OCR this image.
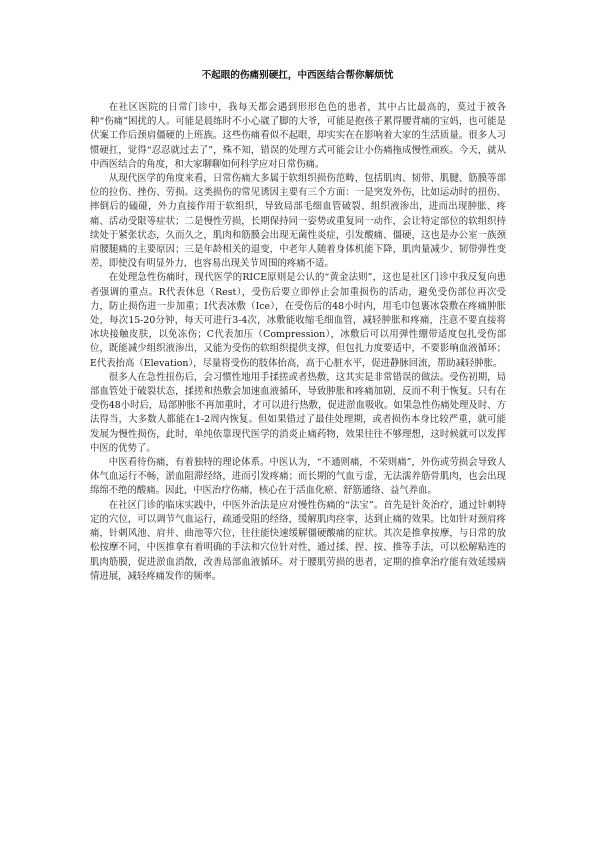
不起眼的伤痛别硬扛，中西医结合帮你解烦忧

在社区医院的日常门诊中，我每天都会遇到形形色色的患者，其中占比最高的，莫过于被各种“伤痛”困扰的人。可能是晨练时不小心崴了脚的大爷，可能是抱孩子累得腰背痛的宝妈，也可能是伏案工作后颈肩僵硬的上班族。这些伤痛看似不起眼，却实实在在影响着大家的生活质量。很多人习惯硬扛，觉得“忍忍就过去了”，殊不知，错误的处理方式可能会让小伤痛拖成慢性顽疾。今天，就从中西医结合的角度，和大家聊聊如何科学应对日常伤痛。

从现代医学的角度来看，日常伤痛大多属于软组织损伤范畴，包括肌肉、韧带、肌腱、筋膜等部位的拉伤、挫伤、劳损。这类损伤的常见诱因主要有三个方面：一是突发外伤，比如运动时的扭伤、摔倒后的磕碰，外力直接作用于软组织，导致局部毛细血管破裂、组织液渗出，进而出现肿胀、疼痛、活动受限等症状；二是慢性劳损，长期保持同一姿势或重复同一动作，会让特定部位的软组织持续处于紧张状态，久而久之，肌肉和筋膜会出现无菌性炎症，引发酸痛、僵硬，这也是办公室一族颈肩腰腿痛的主要原因；三是年龄相关的退变，中老年人随着身体机能下降，肌肉量减少、韧带弹性变差，即使没有明显外力，也容易出现关节周围的疼痛不适。

在处理急性伤痛时，现代医学的RICE原则是公认的“黄金法则”，这也是社区门诊中我反复向患者强调的重点。R代表休息（Rest），受伤后要立即停止会加重损伤的活动，避免受伤部位再次受力，防止损伤进一步加重；I代表冰敷（Ice），在受伤后的48小时内，用毛巾包裹冰袋敷在疼痛肿胀处，每次15-20分钟，每天可进行3-4次，冰敷能收缩毛细血管，减轻肿胀和疼痛，注意不要直接将冰块接触皮肤，以免冻伤；C代表加压（Compression），冰敷后可以用弹性绷带适度包扎受伤部位，既能减少组织液渗出，又能为受伤的软组织提供支撑，但包扎力度要适中，不要影响血液循环；E代表抬高（Elevation），尽量将受伤的肢体抬高，高于心脏水平，促进静脉回流，帮助减轻肿胀。

很多人在急性扭伤后，会习惯性地用手揉搓或者热敷，这其实是非常错误的做法。受伤初期，局部血管处于破裂状态，揉搓和热敷会加速血液循环，导致肿胀和疼痛加剧，反而不利于恢复。只有在受伤48小时后，局部肿胀不再加重时，才可以进行热敷，促进淤血吸收。如果急性伤痛处理及时、方法得当，大多数人都能在1-2周内恢复。但如果错过了最佳处理期，或者损伤本身比较严重，就可能发展为慢性损伤，此时，单纯依靠现代医学的消炎止痛药物，效果往往不够理想，这时候就可以发挥中医的优势了。

中医看待伤痛，有着独特的理论体系。中医认为，“不通则痛，不荣则痛”，外伤或劳损会导致人体气血运行不畅，淤血阻滞经络，进而引发疼痛；而长期的气血亏虚，无法濡养筋骨肌肉，也会出现绵绵不绝的酸痛。因此，中医治疗伤痛，核心在于活血化瘀、舒筋通络、益气养血。

在社区门诊的临床实践中，中医外治法是应对慢性伤痛的“法宝”。首先是针灸治疗，通过针刺特定的穴位，可以调节气血运行，疏通受阻的经络，缓解肌肉痉挛，达到止痛的效果。比如针对颈肩疼痛，针刺风池、肩井、曲池等穴位，往往能快速缓解僵硬酸痛的症状。其次是推拿按摩，与日常的放松按摩不同，中医推拿有着明确的手法和穴位针对性，通过揉、捏、按、推等手法，可以松解粘连的肌肉筋膜，促进淤血消散，改善局部血液循环。对于腰肌劳损的患者，定期的推拿治疗能有效延缓病情进展，减轻疼痛发作的频率。
